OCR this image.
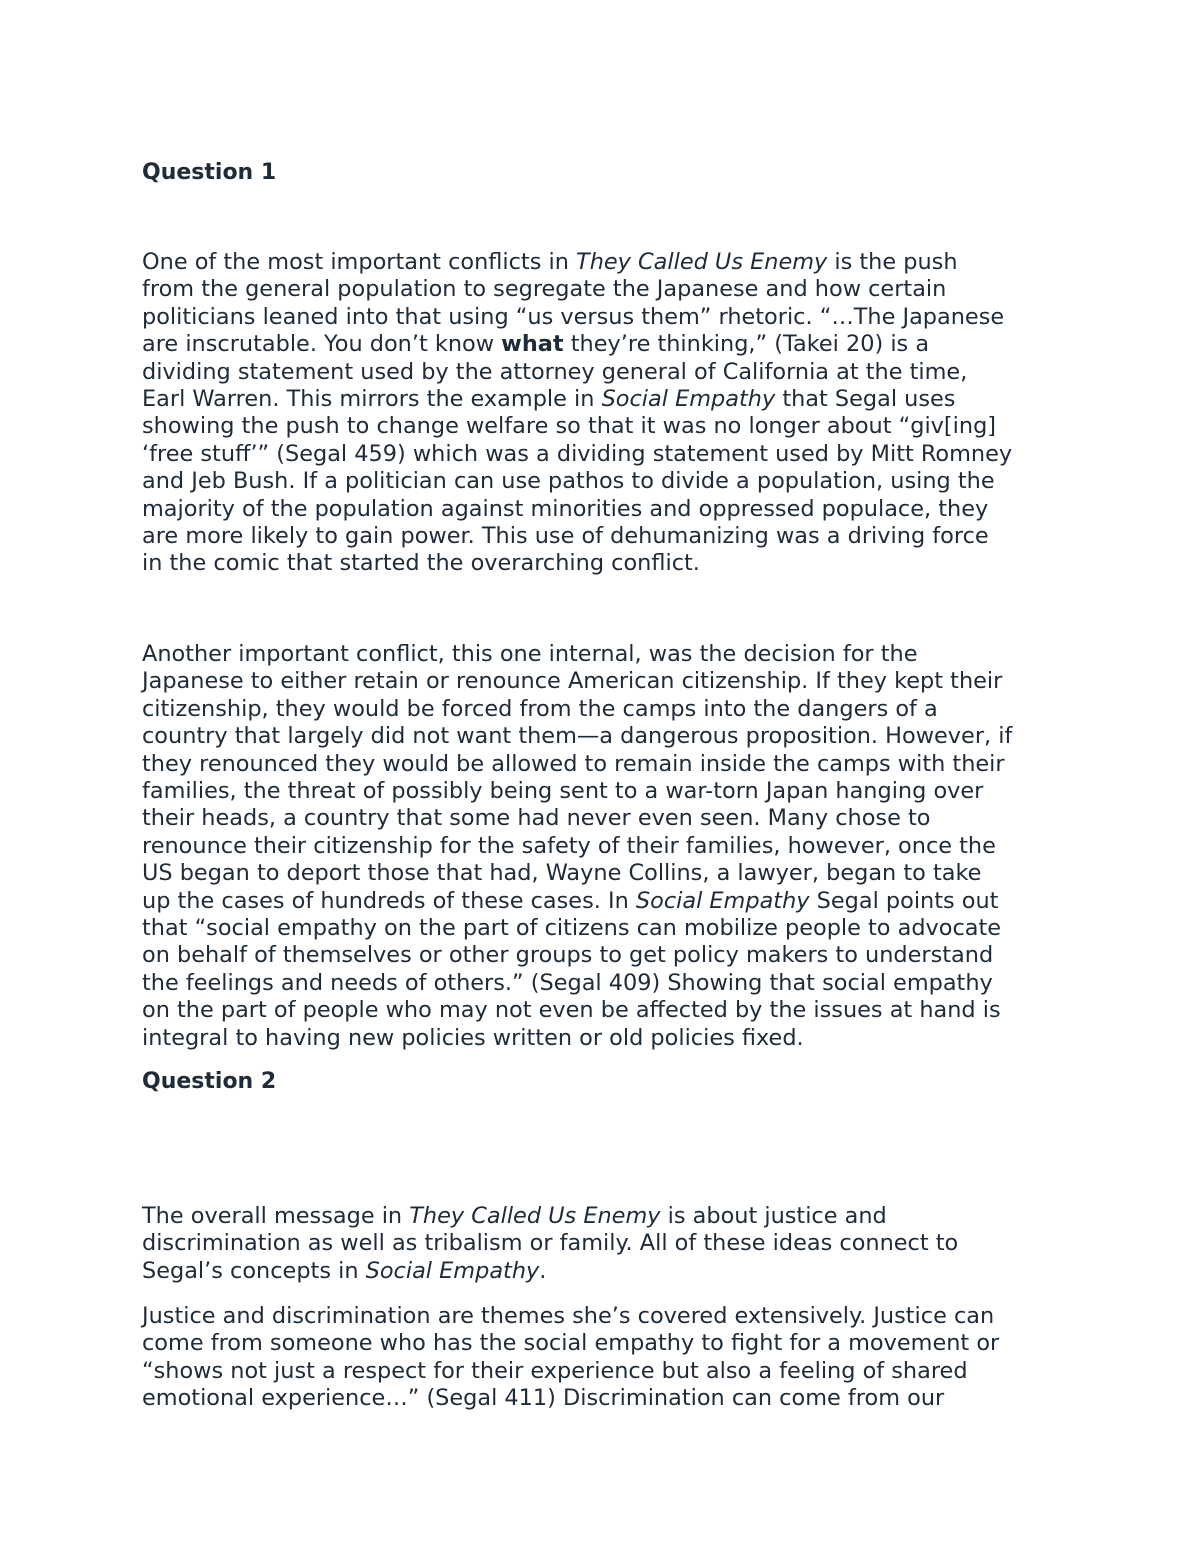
Question 1

One of the most important conflicts in They Called Us Enemy is the push
from the general population to segregate the Japanese and how certain
politicians leaned into that using “us versus them” rhetoric. “…The Japanese
are inscrutable. You don’t know what they’re thinking,” (Takei 20) is a
dividing statement used by the attorney general of California at the time,
Earl Warren. This mirrors the example in Social Empathy that Segal uses
showing the push to change welfare so that it was no longer about “giv[ing]
‘free stuff’” (Segal 459) which was a dividing statement used by Mitt Romney
and Jeb Bush. If a politician can use pathos to divide a population, using the
majority of the population against minorities and oppressed populace, they
are more likely to gain power. This use of dehumanizing was a driving force
in the comic that started the overarching conflict.

Another important conflict, this one internal, was the decision for the
Japanese to either retain or renounce American citizenship. If they kept their
citizenship, they would be forced from the camps into the dangers of a
country that largely did not want them—a dangerous proposition. However, if
they renounced they would be allowed to remain inside the camps with their
families, the threat of possibly being sent to a war-torn Japan hanging over
their heads, a country that some had never even seen. Many chose to
renounce their citizenship for the safety of their families, however, once the
US began to deport those that had, Wayne Collins, a lawyer, began to take
up the cases of hundreds of these cases. In Social Empathy Segal points out
that “social empathy on the part of citizens can mobilize people to advocate
on behalf of themselves or other groups to get policy makers to understand
the feelings and needs of others.” (Segal 409) Showing that social empathy
on the part of people who may not even be affected by the issues at hand is
integral to having new policies written or old policies fixed.

Question 2

The overall message in They Called Us Enemy is about justice and
discrimination as well as tribalism or family. All of these ideas connect to
Segal’s concepts in Social Empathy.

Justice and discrimination are themes she’s covered extensively. Justice can
come from someone who has the social empathy to fight for a movement or
“shows not just a respect for their experience but also a feeling of shared
emotional experience…” (Segal 411) Discrimination can come from our
